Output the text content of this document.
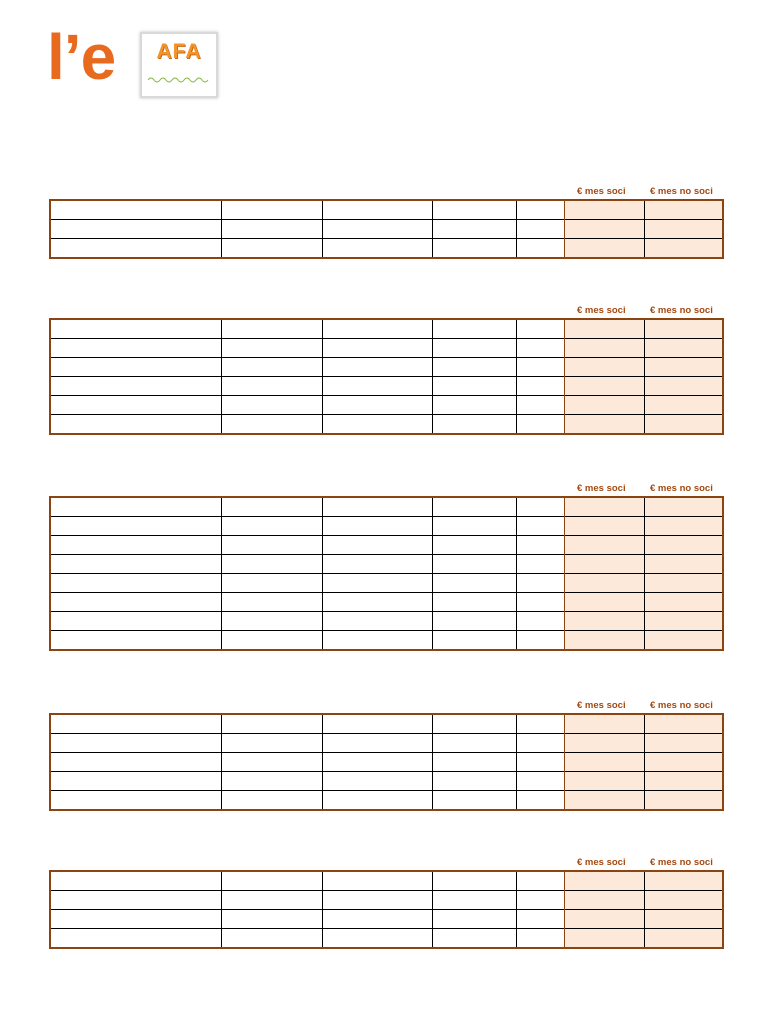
l’e	AFA
€ mes soci	€ mes no soci

€ mes soci	€ mes no soci

€ mes soci	€ mes no soci

€ mes soci	€ mes no soci

€ mes soci	€ mes no soci
